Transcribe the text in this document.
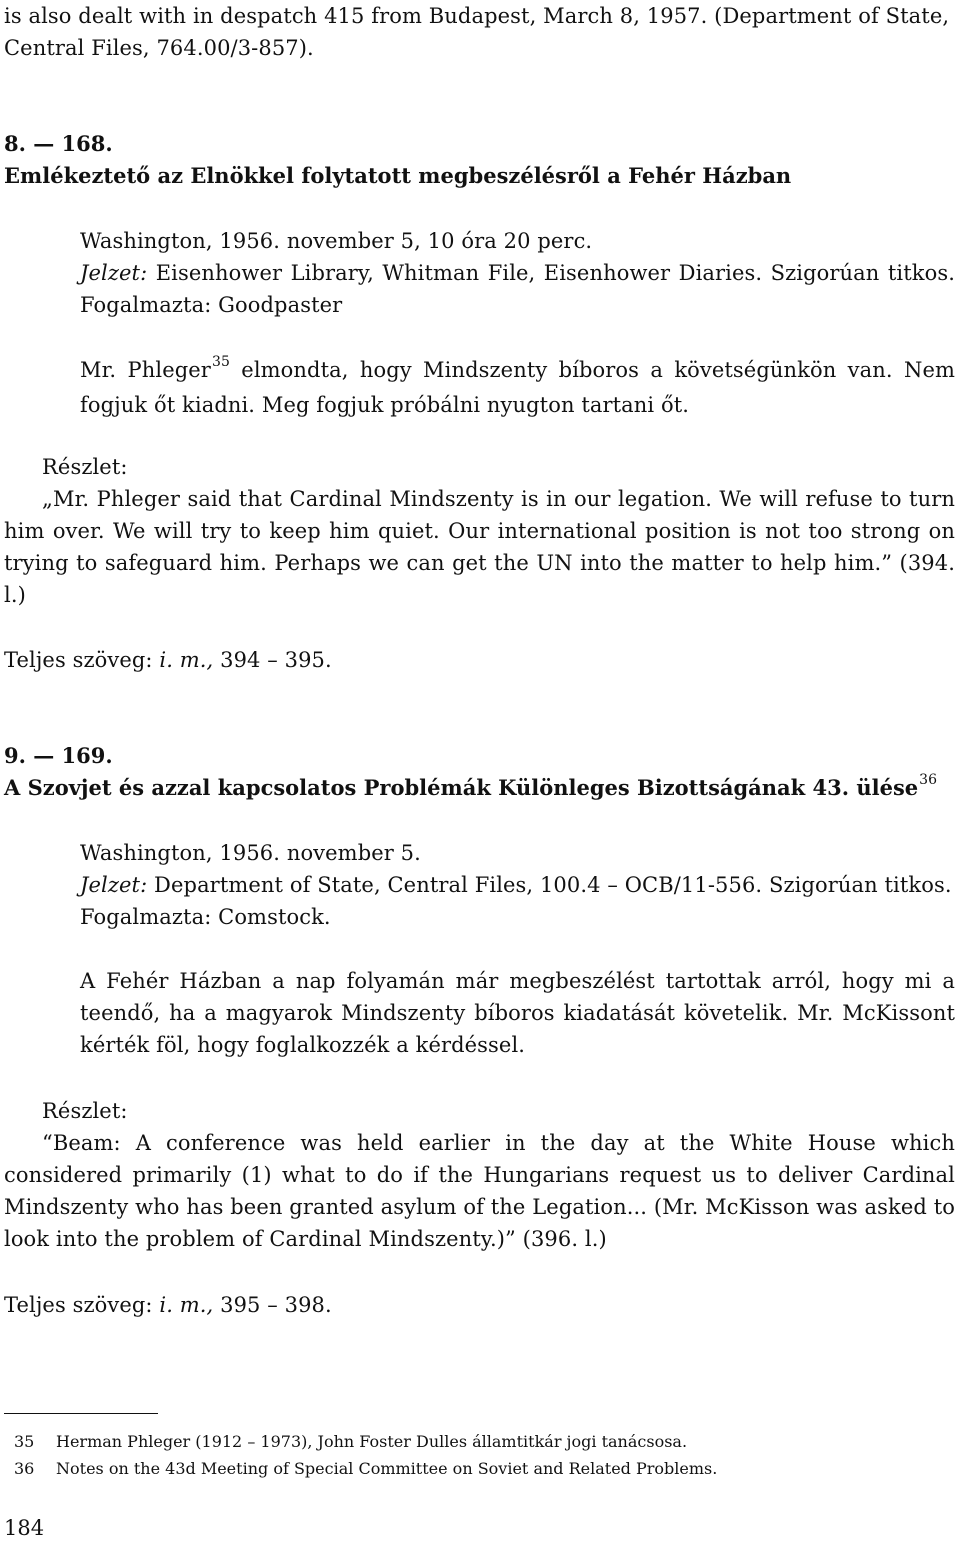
is also dealt with in despatch 415 from Budapest, March 8, 1957. (Department of State,

Central Files, 764.00/3-857).

8. — 168.
Emlékeztető az Elnökkel folytatott megbeszélésről a Fehér Házban

Washington, 1956. november 5, 10 óra 20 perc.

Jelzet: Eisenhower Library, Whitman File, Eisenhower Diaries. Szigorúan titkos. Fogalmazta: Goodpaster

Mr. Phleger$^{35}$ elmondta, hogy Mindszenty bíboros a követségünkön van. Nem fogjuk őt kiadni. Meg fogjuk próbálni nyugton tartani őt.

Részlet:

„Mr. Phleger said that Cardinal Mindszenty is in our legation. We will refuse to turn him over. We will try to keep him quiet. Our international position is not too strong on trying to safeguard him. Perhaps we can get the UN into the matter to help him.” (394. l.)

Teljes szöveg: i. m., 394 – 395.

9. — 169.
A Szovjet és azzal kapcsolatos Problémák Különleges Bizottságának 43. ülése$^{36}$

Washington, 1956. november 5.

Jelzet: Department of State, Central Files, 100.4 – OCB/11-556. Szigorúan titkos.

Fogalmazta: Comstock.

A Fehér Házban a nap folyamán már megbeszélést tartottak arról, hogy mi a teendő, ha a magyarok Mindszenty bíboros kiadatását követelik. Mr. McKissont kérték föl, hogy foglalkozzék a kérdéssel.

Részlet:

“Beam: A conference was held earlier in the day at the White House which considered primarily (1) what to do if the Hungarians request us to deliver Cardinal Mindszenty who has been granted asylum of the Legation... (Mr. McKisson was asked to look into the problem of Cardinal Mindszenty.)” (396. l.)

Teljes szöveg: i. m., 395 – 398.

35 Herman Phleger (1912 – 1973), John Foster Dulles államtitkár jogi tanácsosa.

36 Notes on the 43d Meeting of Special Committee on Soviet and Related Problems.

184
